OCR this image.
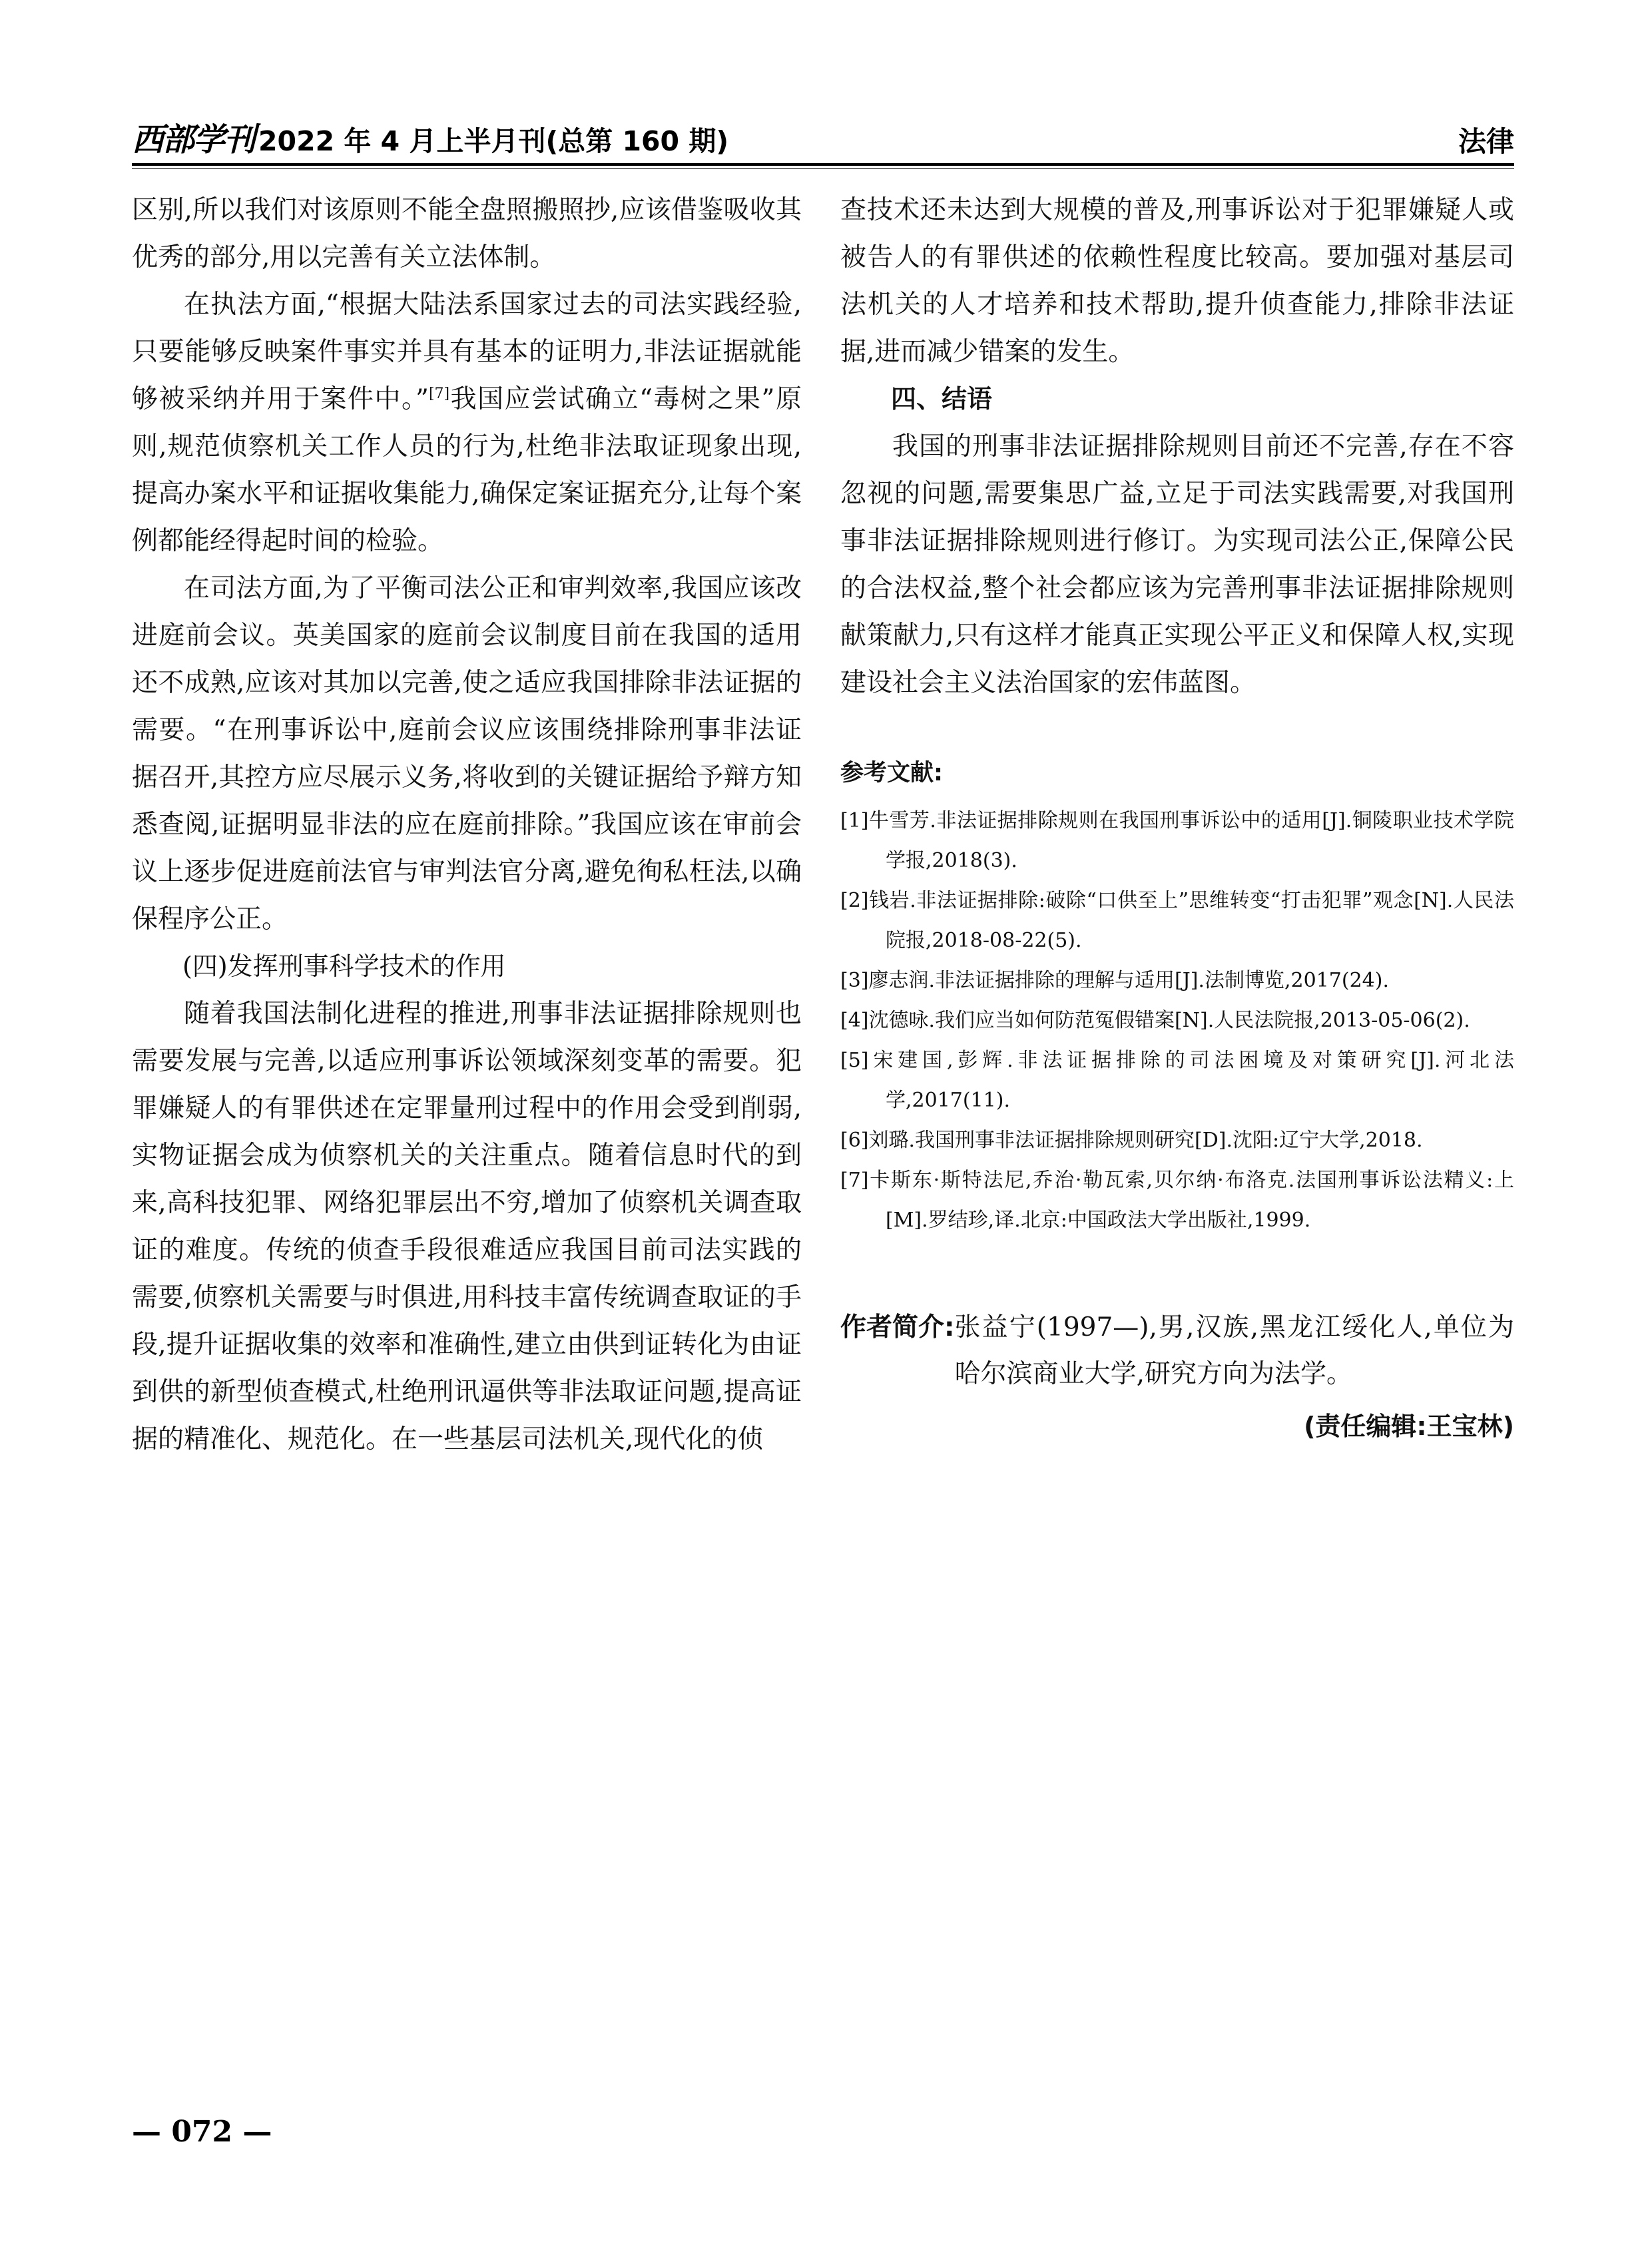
西部学刊 2022 年 4 月上半月刊(总第 160 期)	法律

区别,所以我们对该原则不能全盘照搬照抄,应该借鉴吸收其优秀的部分,用以完善有关立法体制。

在执法方面,“根据大陆法系国家过去的司法实践经验,只要能够反映案件事实并具有基本的证明力,非法证据就能够被采纳并用于案件中。”[7]我国应尝试确立“毒树之果”原则,规范侦察机关工作人员的行为,杜绝非法取证现象出现,提高办案水平和证据收集能力,确保定案证据充分,让每个案例都能经得起时间的检验。

在司法方面,为了平衡司法公正和审判效率,我国应该改进庭前会议。英美国家的庭前会议制度目前在我国的适用还不成熟,应该对其加以完善,使之适应我国排除非法证据的需要。“在刑事诉讼中,庭前会议应该围绕排除刑事非法证据召开,其控方应尽展示义务,将收到的关键证据给予辩方知悉查阅,证据明显非法的应在庭前排除。”我国应该在审前会议上逐步促进庭前法官与审判法官分离,避免徇私枉法,以确保程序公正。

(四)发挥刑事科学技术的作用

随着我国法制化进程的推进,刑事非法证据排除规则也需要发展与完善,以适应刑事诉讼领域深刻变革的需要。犯罪嫌疑人的有罪供述在定罪量刑过程中的作用会受到削弱,实物证据会成为侦察机关的关注重点。随着信息时代的到来,高科技犯罪、网络犯罪层出不穷,增加了侦察机关调查取证的难度。传统的侦查手段很难适应我国目前司法实践的需要,侦察机关需要与时俱进,用科技丰富传统调查取证的手段,提升证据收集的效率和准确性,建立由供到证转化为由证到供的新型侦查模式,杜绝刑讯逼供等非法取证问题,提高证据的精准化、规范化。在一些基层司法机关,现代化的侦

查技术还未达到大规模的普及,刑事诉讼对于犯罪嫌疑人或被告人的有罪供述的依赖性程度比较高。要加强对基层司法机关的人才培养和技术帮助,提升侦查能力,排除非法证据,进而减少错案的发生。

四、结语

我国的刑事非法证据排除规则目前还不完善,存在不容忽视的问题,需要集思广益,立足于司法实践需要,对我国刑事非法证据排除规则进行修订。为实现司法公正,保障公民的合法权益,整个社会都应该为完善刑事非法证据排除规则献策献力,只有这样才能真正实现公平正义和保障人权,实现建设社会主义法治国家的宏伟蓝图。

参考文献:

[1]牛雪芳.非法证据排除规则在我国刑事诉讼中的适用[J].铜陵职业技术学院学报,2018(3).

[2]钱岩.非法证据排除:破除“口供至上”思维转变“打击犯罪”观念[N].人民法院报,2018-08-22(5).

[3]廖志润.非法证据排除的理解与适用[J].法制博览,2017(24).

[4]沈德咏.我们应当如何防范冤假错案[N].人民法院报,2013-05-06(2).

[5]宋建国,彭辉.非法证据排除的司法困境及对策研究[J].河北法学,2017(11).

[6]刘璐.我国刑事非法证据排除规则研究[D].沈阳:辽宁大学,2018.

[7]卡斯东·斯特法尼,乔治·勒瓦索,贝尔纳·布洛克.法国刑事诉讼法精义:上[M].罗结珍,译.北京:中国政法大学出版社,1999.

作者简介: 张益宁(1997—),男,汉族,黑龙江绥化人,单位为哈尔滨商业大学,研究方向为法学。
(责任编辑:王宝林)
— 072 —
